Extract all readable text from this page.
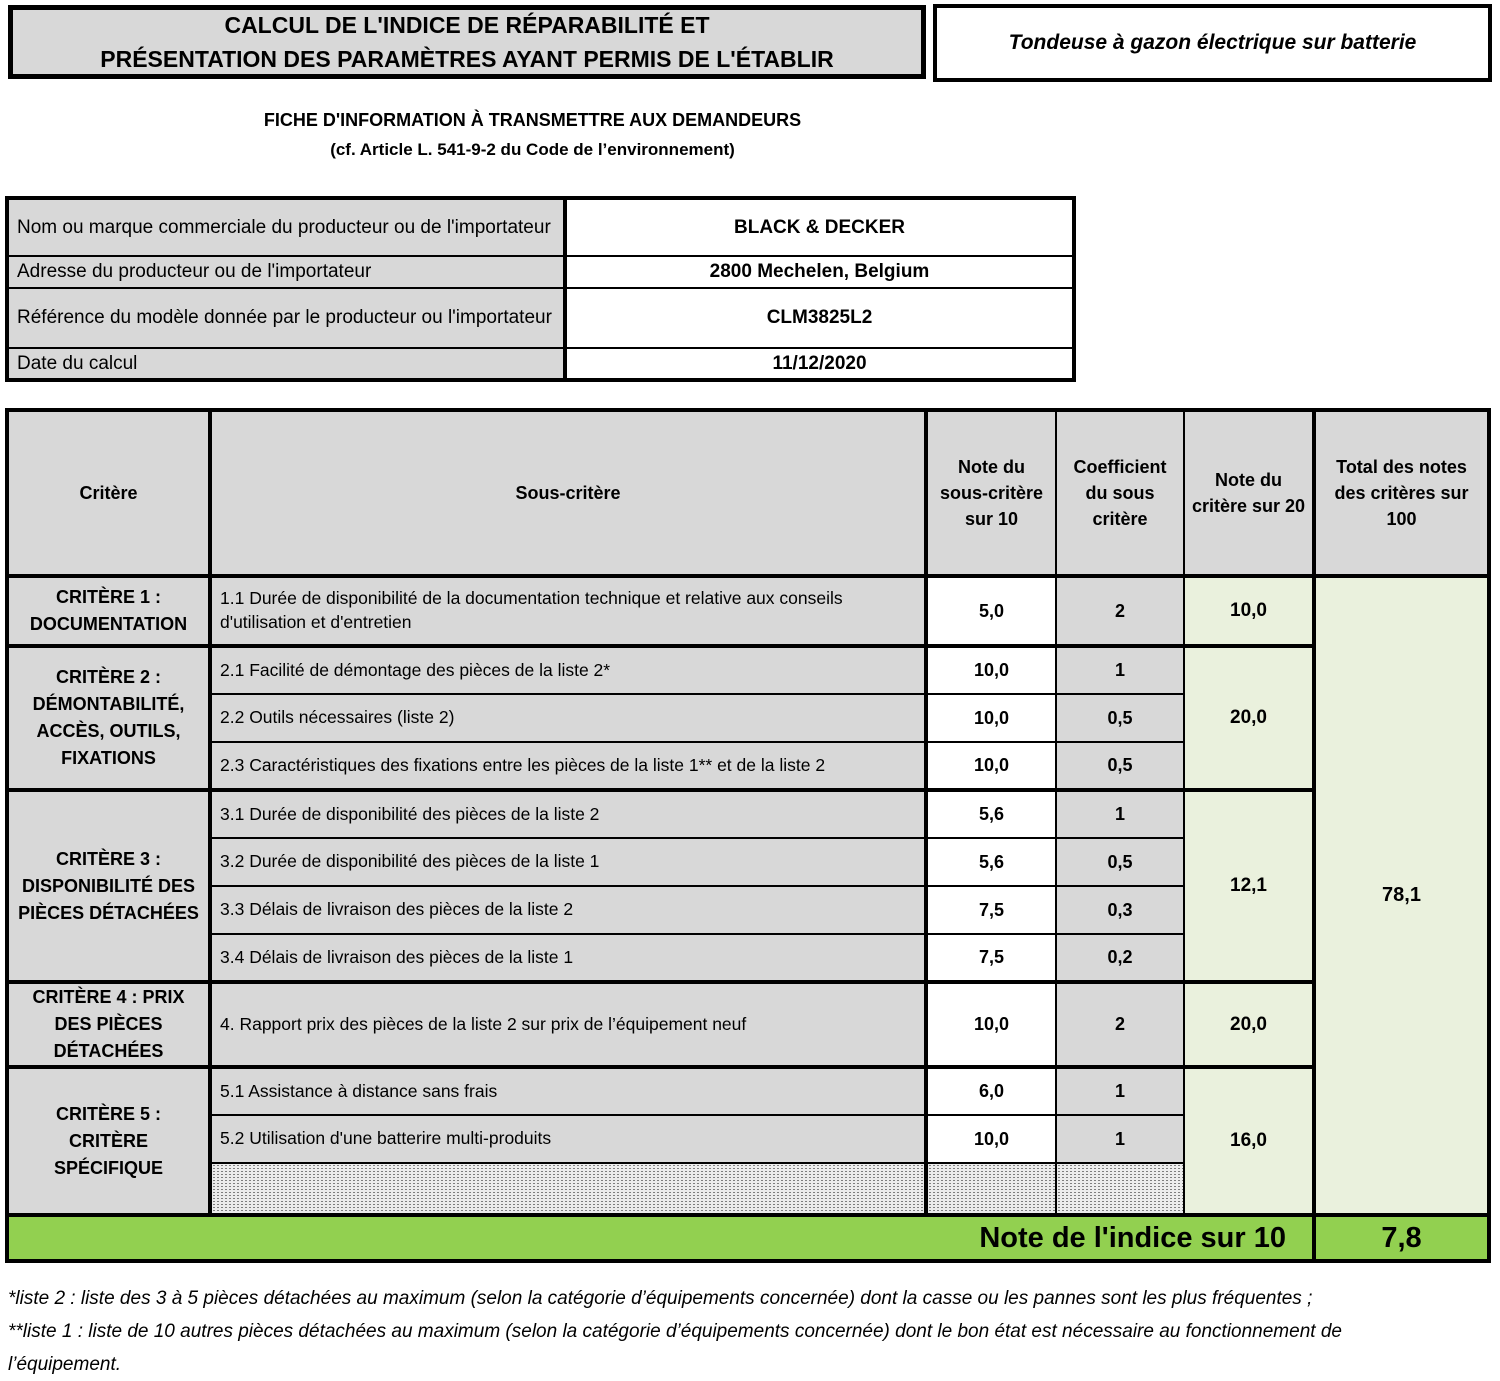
CALCUL DE L'INDICE DE RÉPARABILITÉ ET
PRÉSENTATION DES PARAMÈTRES AYANT PERMIS DE L'ÉTABLIR
Tondeuse à gazon électrique sur batterie
FICHE D'INFORMATION À TRANSMETTRE AUX DEMANDEURS
(cf. Article L. 541-9-2 du Code de l’environnement)
Nom ou marque commerciale du producteur ou de l'importateur	BLACK & DECKER
Adresse du producteur ou de l'importateur	2800 Mechelen, Belgium
Référence du modèle donnée par le producteur ou l'importateur	CLM3825L2
Date du calcul	11/12/2020
Critère	Sous-critère	Note du sous-critère sur 10	Coefficient du sous critère	Note du critère sur 20	Total des notes des critères sur 100
CRITÈRE 1 : DOCUMENTATION	1.1 Durée de disponibilité de la documentation technique et relative aux conseils d'utilisation et d'entretien	5,0	2	10,0	78,1
CRITÈRE 2 : DÉMONTABILITÉ, ACCÈS, OUTILS, FIXATIONS	2.1 Facilité de démontage des pièces de la liste 2*	10,0	1	20,0	
	2.2 Outils nécessaires (liste 2)	10,0	0,5		
	2.3 Caractéristiques des fixations entre les pièces de la liste 1** et de la liste 2	10,0	0,5		
CRITÈRE 3 : DISPONIBILITÉ DES PIÈCES DÉTACHÉES	3.1 Durée de disponibilité des pièces de la liste 2	5,6	1	12,1	
	3.2 Durée de disponibilité des pièces de la liste 1	5,6	0,5		
	3.3 Délais de livraison des pièces de la liste 2	7,5	0,3		
	3.4 Délais de livraison des pièces de la liste 1	7,5	0,2		
CRITÈRE 4 : PRIX DES PIÈCES DÉTACHÉES	4. Rapport prix des pièces de la liste 2 sur prix de l’équipement neuf	10,0	2	20,0	
CRITÈRE 5 : CRITÈRE SPÉCIFIQUE	5.1 Assistance à distance sans frais	6,0	1	16,0	
	5.2 Utilisation d'une batterire multi-produits	10,0	1		

Note de l'indice sur 10					7,8

*liste 2 : liste des 3 à 5 pièces détachées au maximum (selon la catégorie d’équipements concernée) dont la casse ou les pannes sont les plus fréquentes ;

**liste 1 : liste de 10 autres pièces détachées au maximum (selon la catégorie d’équipements concernée) dont le bon état est nécessaire au fonctionnement de l’équipement.
